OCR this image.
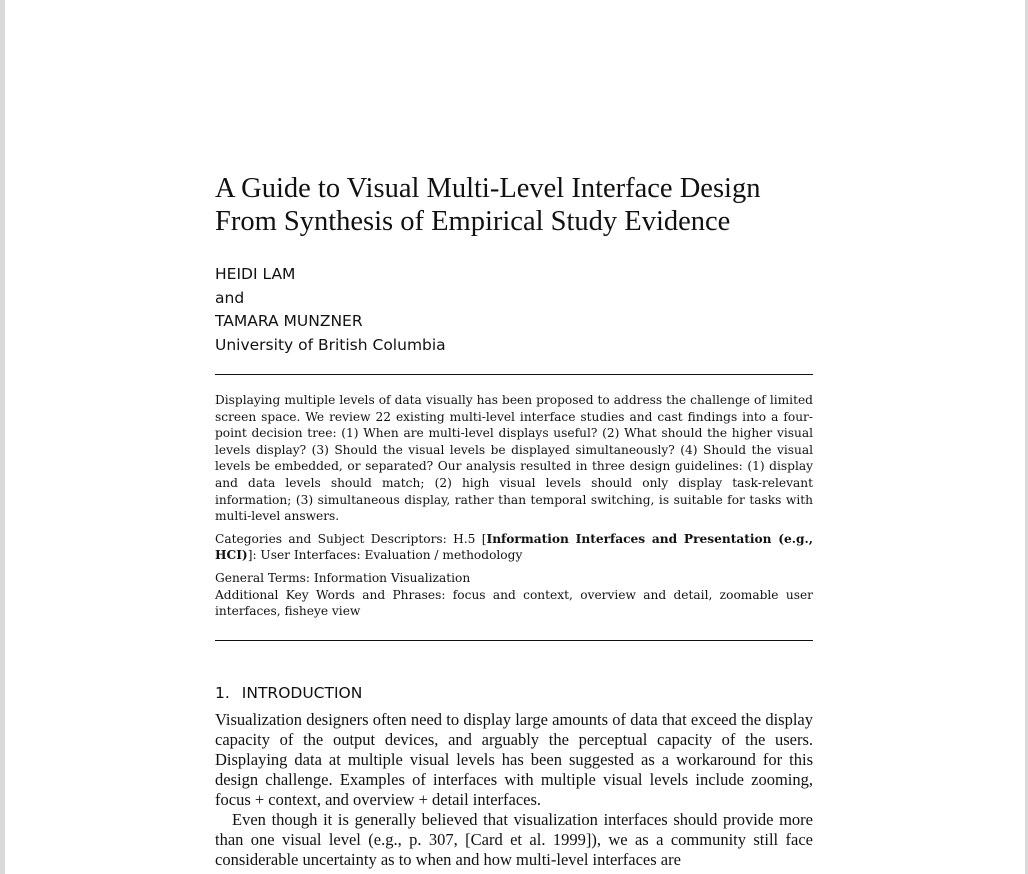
A Guide to Visual Multi-Level Interface Design
From Synthesis of Empirical Study Evidence
HEIDI LAM
and
TAMARA MUNZNER
University of British Columbia

Displaying multiple levels of data visually has been proposed to address the challenge of limited screen space. We review 22 existing multi-level interface studies and cast findings into a four-point decision tree: (1) When are multi-level displays useful? (2) What should the higher visual levels display? (3) Should the visual levels be displayed simultaneously? (4) Should the visual levels be embedded, or separated? Our analysis resulted in three design guidelines: (1) display and data levels should match; (2) high visual levels should only display task-relevant information; (3) simultaneous display, rather than temporal switching, is suitable for tasks with multi-level answers.

Categories and Subject Descriptors: H.5 [Information Interfaces and Presentation (e.g., HCI)]: User Interfaces: Evaluation / methodology

General Terms: Information Visualization

Additional Key Words and Phrases: focus and context, overview and detail, zoomable user interfaces, fisheye view

1. INTRODUCTION

Visualization designers often need to display large amounts of data that exceed the display capacity of the output devices, and arguably the perceptual capacity of the users. Displaying data at multiple visual levels has been suggested as a workaround for this design challenge. Examples of interfaces with multiple visual levels include zooming, focus + context, and overview + detail interfaces.

Even though it is generally believed that visualization interfaces should provide more than one visual level (e.g., p. 307, [Card et al. 1999]), we as a community still face considerable uncertainty as to when and how multi-level interfaces are
